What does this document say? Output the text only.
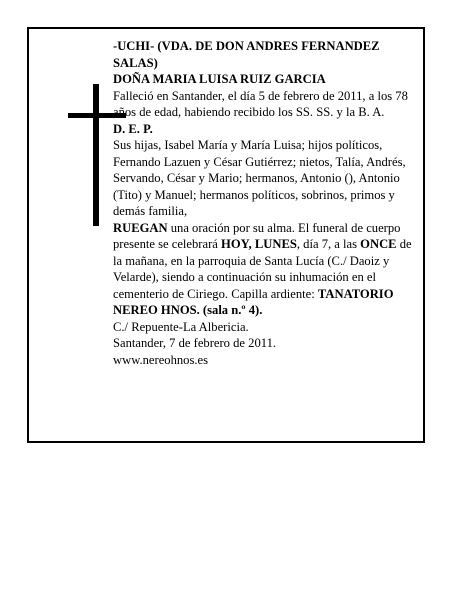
-UCHI- (VDA. DE DON ANDRES FERNANDEZ SALAS)

DOÑA MARIA LUISA RUIZ GARCIA

Falleció en Santander, el día 5 de febrero de 2011, a los 78 años de edad, habiendo recibido los SS. SS. y la B. A.

D. E. P.

Sus hijas, Isabel María y María Luisa; hijos políticos, Fernando Lazuen y César Gutiérrez; nietos, Talía, Andrés, Servando, César y Mario; hermanos, Antonio (), Antonio (Tito) y Manuel; hermanos políticos, sobrinos, primos y demás familia,

RUEGAN una oración por su alma. El funeral de cuerpo presente se celebrará HOY, LUNES, día 7, a las ONCE de la mañana, en la parroquia de Santa Lucía (C./ Daoiz y Velarde), siendo a continuación su inhumación en el cementerio de Ciriego. Capilla ardiente: TANATORIO NEREO HNOS. (sala n.º 4).

C./ Repuente-La Albericia.

Santander, 7 de febrero de 2011.

www.nereohnos.es
